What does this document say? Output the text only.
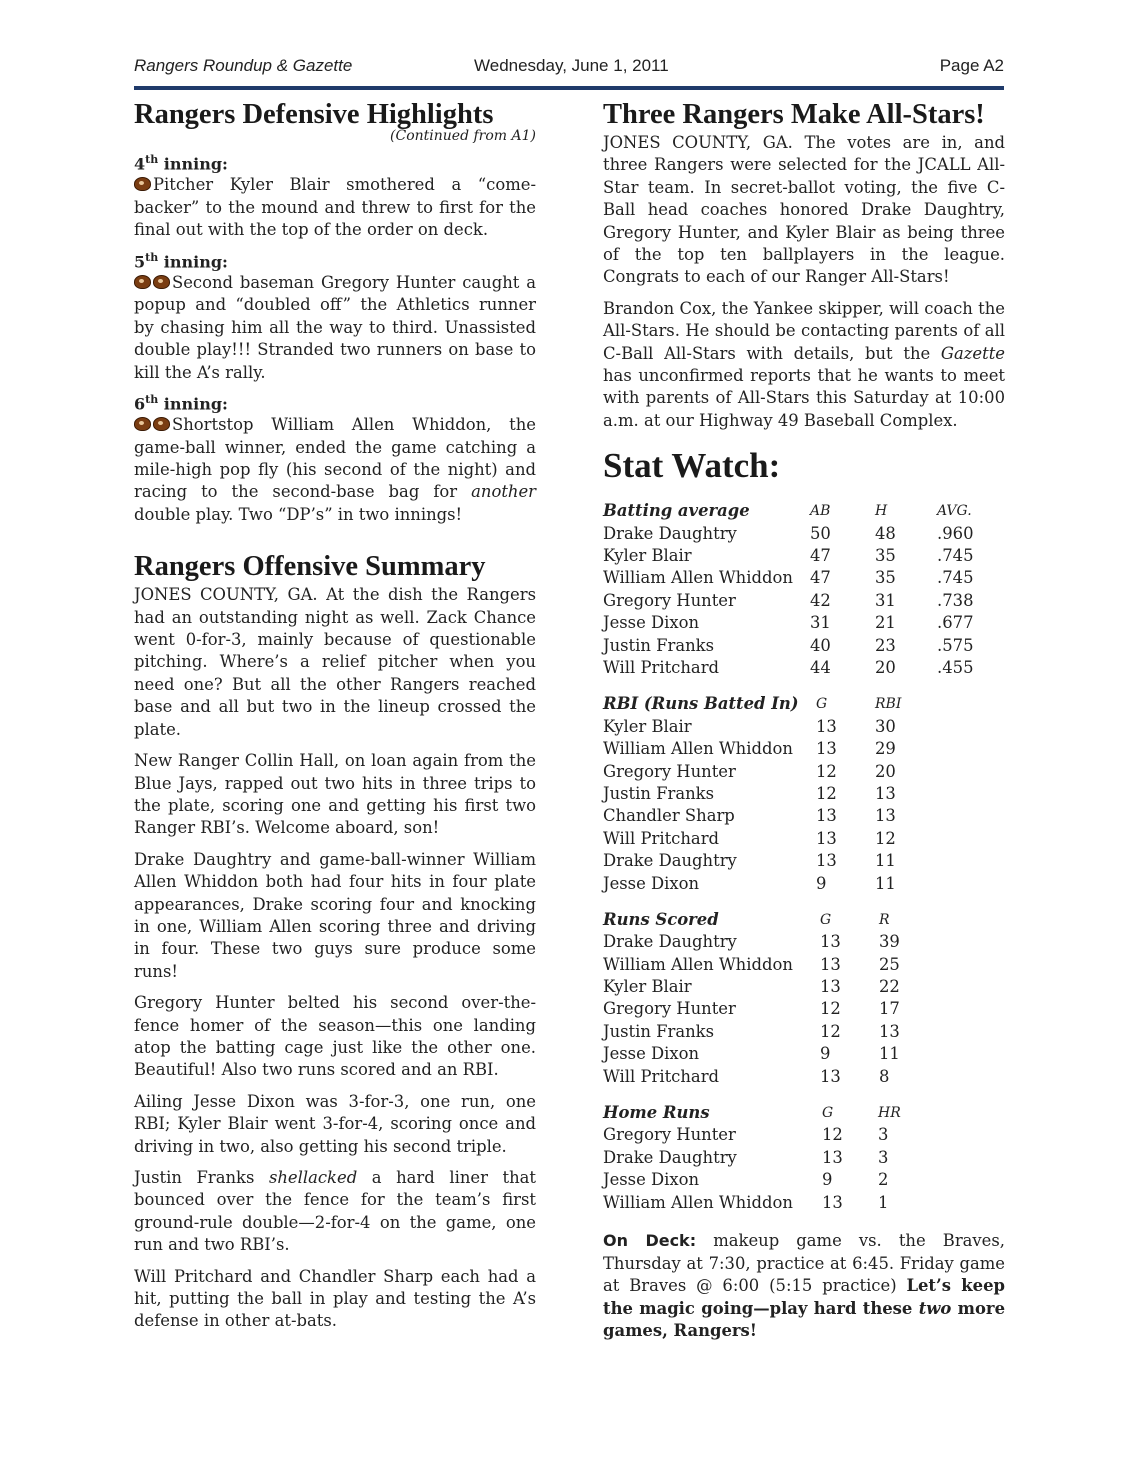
Rangers Roundup & Gazette	Wednesday, June 1, 2011	Page A2
Rangers Defensive Highlights
(Continued from A1)
4th inning:

Pitcher Kyler Blair smothered a “come-backer” to the mound and threw to first for the final out with the top of the order on deck.

5th inning:

Second baseman Gregory Hunter caught a popup and “doubled off” the Athletics runner by chasing him all the way to third. Unassisted double play!!! Stranded two runners on base to kill the A’s rally.

6th inning:

Shortstop William Allen Whiddon, the game-ball winner, ended the game catching a mile-high pop fly (his second of the night) and racing to the second-base bag for another double play. Two “DP’s” in two innings!

Rangers Offensive Summary

JONES COUNTY, GA. At the dish the Rangers had an outstanding night as well. Zack Chance went 0-for-3, mainly because of questionable pitching. Where’s a relief pitcher when you need one? But all the other Rangers reached base and all but two in the lineup crossed the plate.

New Ranger Collin Hall, on loan again from the Blue Jays, rapped out two hits in three trips to the plate, scoring one and getting his first two Ranger RBI’s. Welcome aboard, son!

Drake Daughtry and game-ball-winner William Allen Whiddon both had four hits in four plate appearances, Drake scoring four and knocking in one, William Allen scoring three and driving in four. These two guys sure produce some runs!

Gregory Hunter belted his second over-the-fence homer of the season—this one landing atop the batting cage just like the other one. Beautiful! Also two runs scored and an RBI.

Ailing Jesse Dixon was 3-for-3, one run, one RBI; Kyler Blair went 3-for-4, scoring once and driving in two, also getting his second triple.

Justin Franks shellacked a hard liner that bounced over the fence for the team’s first ground-rule double—2-for-4 on the game, one run and two RBI’s.

Will Pritchard and Chandler Sharp each had a hit, putting the ball in play and testing the A’s defense in other at-bats.

Three Rangers Make All-Stars!

JONES COUNTY, GA. The votes are in, and three Rangers were selected for the JCALL All-Star team. In secret-ballot voting, the five C-Ball head coaches honored Drake Daughtry, Gregory Hunter, and Kyler Blair as being three of the top ten ballplayers in the league. Congrats to each of our Ranger All-Stars!

Brandon Cox, the Yankee skipper, will coach the All-Stars. He should be contacting parents of all C-Ball All-Stars with details, but the Gazette has unconfirmed reports that he wants to meet with parents of All-Stars this Saturday at 10:00 a.m. at our Highway 49 Baseball Complex.

Stat Watch:
Batting average	AB	H	AVG.
Drake Daughtry	50	48	.960
Kyler Blair	47	35	.745
William Allen Whiddon 47	35	.745
Gregory Hunter	42	31	.738
Jesse Dixon	31	21	.677
Justin Franks	40	23	.575
Will Pritchard	44	20	.455
RBI (Runs Batted In) G	RBI
Kyler Blair	13 30
William Allen Whiddon 13 29
Gregory Hunter	12 20
Justin Franks	12 13
Chandler Sharp	13 13
Will Pritchard	13 12
Drake Daughtry	13 11
Jesse Dixon	9	11
Runs Scored	G	R
Drake Daughtry	13 39
William Allen Whiddon 13 25
Kyler Blair	13 22
Gregory Hunter	12 17
Justin Franks	12 13
Jesse Dixon	9	11
Will Pritchard	13 8
Home Runs	G	HR
Gregory Hunter	12 3
Drake Daughtry	13 3
Jesse Dixon	9	2
William Allen Whiddon 13 1
On Deck: makeup game vs. the Braves, Thursday at 7:30, practice at 6:45. Friday game at Braves @ 6:00 (5:15 practice) Let’s keep the magic going—play hard these two more games, Rangers!
